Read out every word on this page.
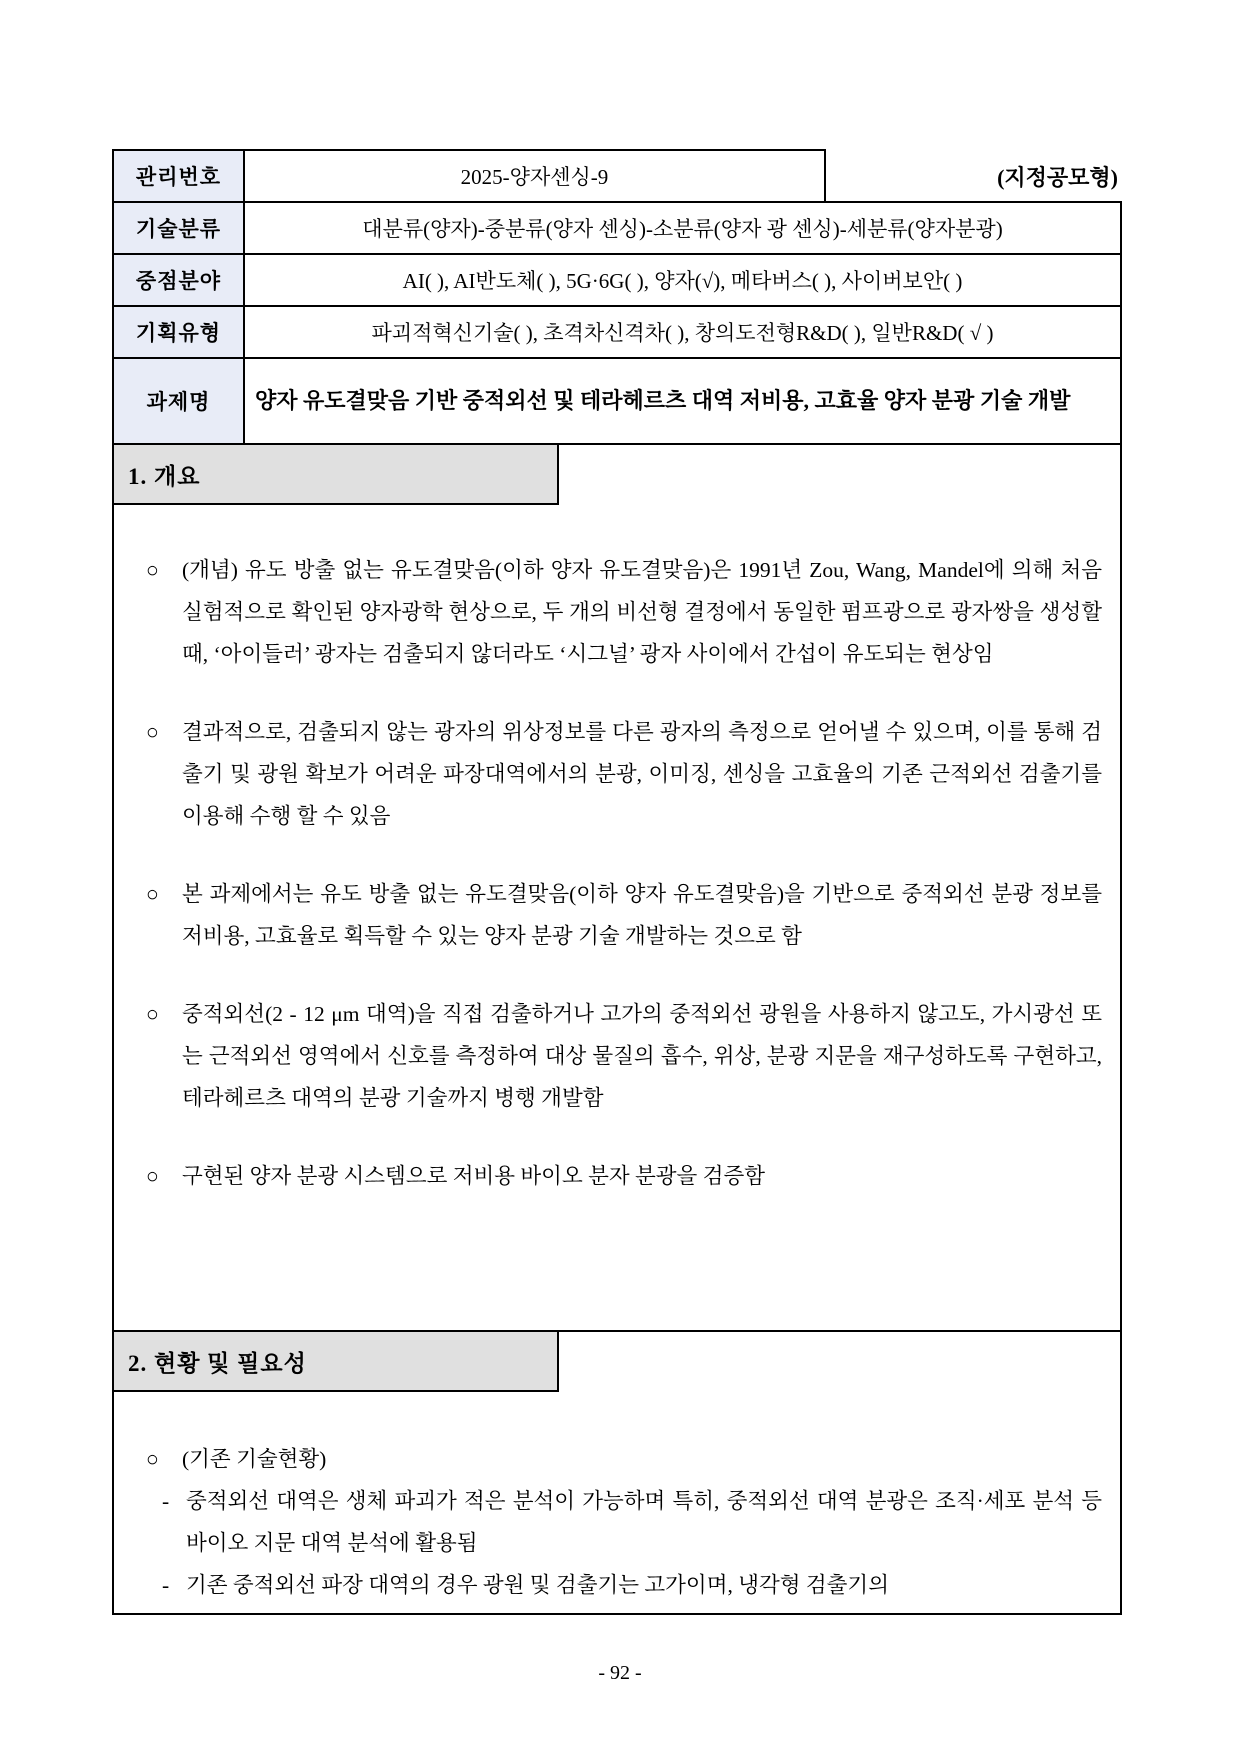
관리번호	2025-양자센싱-9	(지정공모형)
기술분류	대분류(양자)-중분류(양자 센싱)-소분류(양자 광 센싱)-세분류(양자분광)
중점분야	AI( ), AI반도체( ), 5G·6G( ), 양자(√), 메타버스( ), 사이버보안( )
기획유형	파괴적혁신기술( ), 초격차신격차( ), 창의도전형R&D( ), 일반R&D( √ )
과제명	양자 유도결맞음 기반 중적외선 및 테라헤르츠 대역 저비용, 고효율 양자 분광 기술 개발
1. 개요

○ (개념) 유도 방출 없는 유도결맞음(이하 양자 유도결맞음)은 1991년 Zou, Wang, Mandel에 의해 처음 실험적으로 확인된 양자광학 현상으로, 두 개의 비선형 결정에서 동일한 펌프광으로 광자쌍을 생성할 때, ‘아이들러’ 광자는 검출되지 않더라도 ‘시그널’ 광자 사이에서 간섭이 유도되는 현상임

○ 결과적으로, 검출되지 않는 광자의 위상정보를 다른 광자의 측정으로 얻어낼 수 있으며, 이를 통해 검출기 및 광원 확보가 어려운 파장대역에서의 분광, 이미징, 센싱을 고효율의 기존 근적외선 검출기를 이용해 수행 할 수 있음

○ 본 과제에서는 유도 방출 없는 유도결맞음(이하 양자 유도결맞음)을 기반으로 중적외선 분광 정보를 저비용, 고효율로 획득할 수 있는 양자 분광 기술 개발하는 것으로 함

○ 중적외선(2 - 12 μm 대역)을 직접 검출하거나 고가의 중적외선 광원을 사용하지 않고도, 가시광선 또는 근적외선 영역에서 신호를 측정하여 대상 물질의 흡수, 위상, 분광 지문을 재구성하도록 구현하고, 테라헤르츠 대역의 분광 기술까지 병행 개발함

○ 구현된 양자 분광 시스템으로 저비용 바이오 분자 분광을 검증함

2. 현황 및 필요성

○ (기존 기술현황)

- 중적외선 대역은 생체 파괴가 적은 분석이 가능하며 특히, 중적외선 대역 분광은 조직·세포 분석 등 바이오 지문 대역 분석에 활용됨

- 기존 중적외선 파장 대역의 경우 광원 및 검출기는 고가이며, 냉각형 검출기의

- 92 -
